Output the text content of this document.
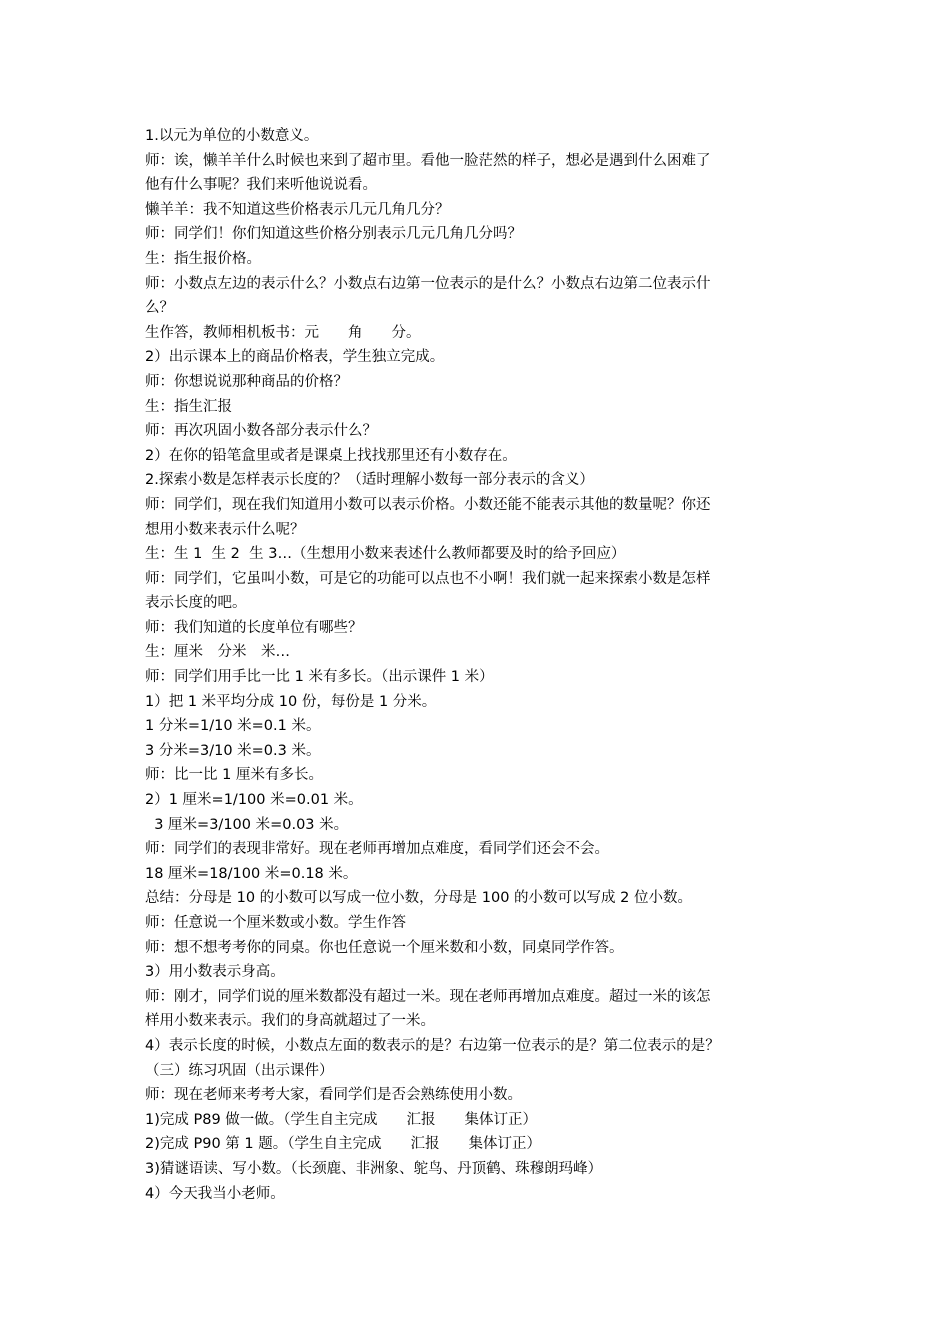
1.以元为单位的小数意义。
师：诶，懒羊羊什么时候也来到了超市里。看他一脸茫然的样子，想必是遇到什么困难了
他有什么事呢？我们来听他说说看。
懒羊羊：我不知道这些价格表示几元几角几分？
师：同学们！你们知道这些价格分别表示几元几角几分吗？
生：指生报价格。
师：小数点左边的表示什么？小数点右边第一位表示的是什么？小数点右边第二位表示什
么？
生作答，教师相机板书：元　　角　　分。
2）出示课本上的商品价格表，学生独立完成。
师：你想说说那种商品的价格？
生：指生汇报
师：再次巩固小数各部分表示什么？
2）在你的铅笔盒里或者是课桌上找找那里还有小数存在。
2.探索小数是怎样表示长度的？（适时理解小数每一部分表示的含义）
师：同学们，现在我们知道用小数可以表示价格。小数还能不能表示其他的数量呢？你还
想用小数来表示什么呢？
生：生 1  生 2  生 3…（生想用小数来表述什么教师都要及时的给予回应）
师：同学们，它虽叫小数，可是它的功能可以点也不小啊！我们就一起来探索小数是怎样
表示长度的吧。
师：我们知道的长度单位有哪些？
生：厘米　分米　米…
师：同学们用手比一比 1 米有多长。（出示课件 1 米）
1）把 1 米平均分成 10 份，每份是 1 分米。
1 分米=1/10 米=0.1 米。
3 分米=3/10 米=0.3 米。
师：比一比 1 厘米有多长。
2）1 厘米=1/100 米=0.01 米。
3 厘米=3/100 米=0.03 米。
师：同学们的表现非常好。现在老师再增加点难度，看同学们还会不会。
18 厘米=18/100 米=0.18 米。
总结：分母是 10 的小数可以写成一位小数，分母是 100 的小数可以写成 2 位小数。
师：任意说一个厘米数或小数。学生作答
师：想不想考考你的同桌。你也任意说一个厘米数和小数，同桌同学作答。
3）用小数表示身高。
师：刚才，同学们说的厘米数都没有超过一米。现在老师再增加点难度。超过一米的该怎
样用小数来表示。我们的身高就超过了一米。
4）表示长度的时候，小数点左面的数表示的是？右边第一位表示的是？第二位表示的是？
（三）练习巩固（出示课件）
师：现在老师来考考大家，看同学们是否会熟练使用小数。
1)完成 P89 做一做。（学生自主完成　　汇报　　集体订正）
2)完成 P90 第 1 题。（学生自主完成　　汇报　　集体订正）
3)猜谜语读、写小数。（长颈鹿、非洲象、鸵鸟、丹顶鹤、珠穆朗玛峰）
4）今天我当小老师。
